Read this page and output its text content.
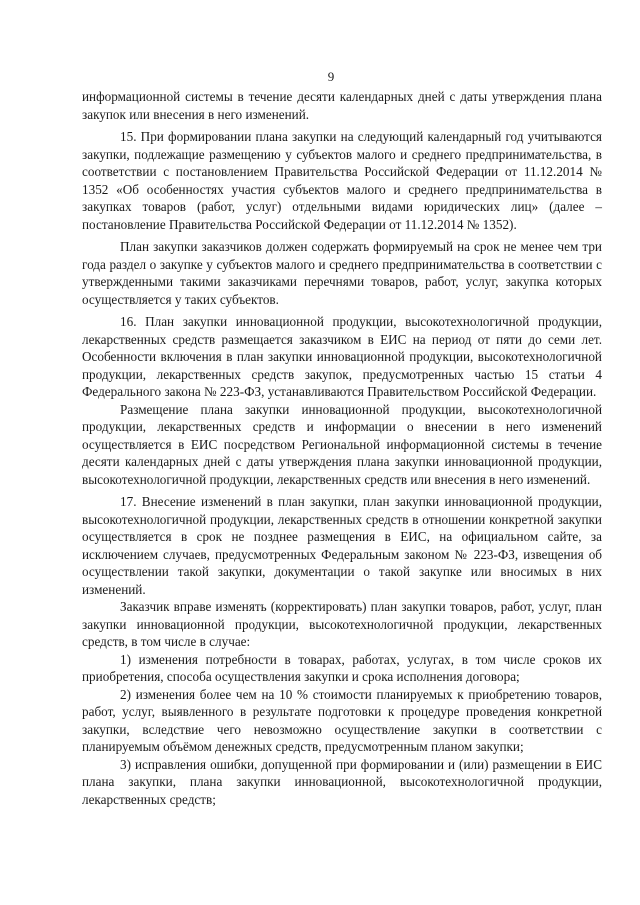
9

информационной системы в течение десяти календарных дней с даты утверждения плана закупок или внесения в него изменений.

15. При формировании плана закупки на следующий календарный год учитываются закупки, подлежащие размещению у субъектов малого и среднего предпринимательства, в соответствии с постановлением Правительства Российской Федерации от 11.12.2014 № 1352 «Об особенностях участия субъектов малого и среднего предпринимательства в закупках товаров (работ, услуг) отдельными видами юридических лиц» (далее – постановление Правительства Российской Федерации от 11.12.2014 № 1352).

План закупки заказчиков должен содержать формируемый на срок не менее чем три года раздел о закупке у субъектов малого и среднего предпринимательства в соответствии с утвержденными такими заказчиками перечнями товаров, работ, услуг, закупка которых осуществляется у таких субъектов.

16. План закупки инновационной продукции, высокотехнологичной продукции, лекарственных средств размещается заказчиком в ЕИС на период от пяти до семи лет. Особенности включения в план закупки инновационной продукции, высокотехнологичной продукции, лекарственных средств закупок, предусмотренных частью 15 статьи 4 Федерального закона № 223-ФЗ, устанавливаются Правительством Российской Федерации.

Размещение плана закупки инновационной продукции, высокотехнологичной продукции, лекарственных средств и информации о внесении в него изменений осуществляется в ЕИС посредством Региональной информационной системы в течение десяти календарных дней с даты утверждения плана закупки инновационной продукции, высокотехнологичной продукции, лекарственных средств или внесения в него изменений.

17. Внесение изменений в план закупки, план закупки инновационной продукции, высокотехнологичной продукции, лекарственных средств в отношении конкретной закупки осуществляется в срок не позднее размещения в ЕИС, на официальном сайте, за исключением случаев, предусмотренных Федеральным законом № 223-ФЗ, извещения об осуществлении такой закупки, документации о такой закупке или вносимых в них изменений.

Заказчик вправе изменять (корректировать) план закупки товаров, работ, услуг, план закупки инновационной продукции, высокотехнологичной продукции, лекарственных средств, в том числе в случае:

1) изменения потребности в товарах, работах, услугах, в том числе сроков их приобретения, способа осуществления закупки и срока исполнения договора;

2) изменения более чем на 10 % стоимости планируемых к приобретению товаров, работ, услуг, выявленного в результате подготовки к процедуре проведения конкретной закупки, вследствие чего невозможно осуществление закупки в соответствии с планируемым объёмом денежных средств, предусмотренным планом закупки;

3) исправления ошибки, допущенной при формировании и (или) размещении в ЕИС плана закупки, плана закупки инновационной, высокотехнологичной продукции, лекарственных средств;
